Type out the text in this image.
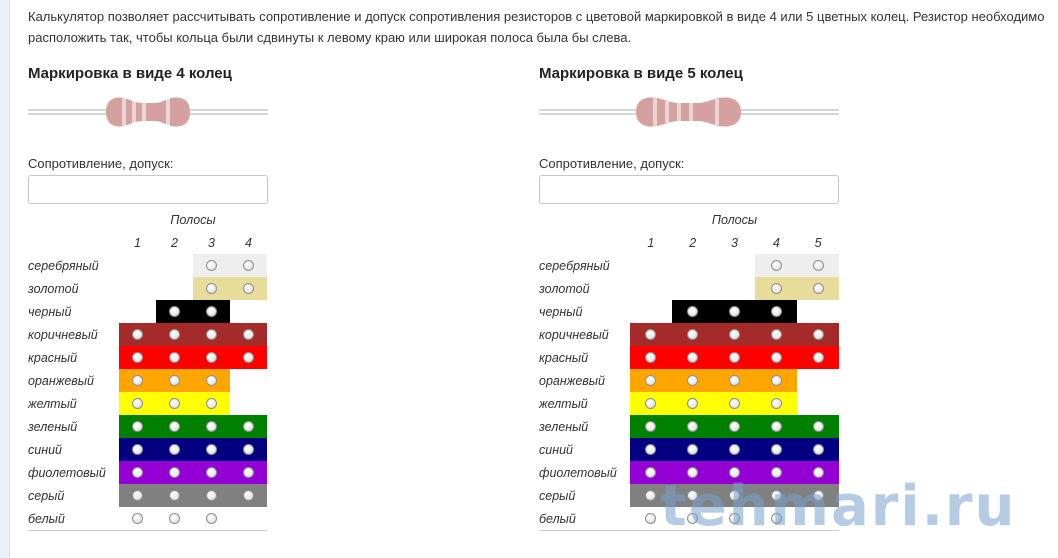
Калькулятор позволяет рассчитывать сопротивление и допуск сопротивления резисторов с цветовой маркировкой в виде 4 или 5 цветных колец. Резистор необходимо расположить так, чтобы кольца были сдвинуты к левому краю или широкая полоса была бы слева.
Маркировка в виде 4 колец
Сопротивление, допуск:
	Полосы			
	1	2	3	4
серебряный				
золотой				
черный				
коричневый				
красный				
оранжевый				
желтый				
зеленый				
синий				
фиолетовый				
серый				
белый				
Маркировка в виде 5 колец
Сопротивление, допуск:
	Полосы				
	1	2	3	4	5
серебряный					
золотой					
черный					
коричневый					
красный					
оранжевый					
желтый					
зеленый					
синий					
фиолетовый					
серый					
белый					tehmari.ru
